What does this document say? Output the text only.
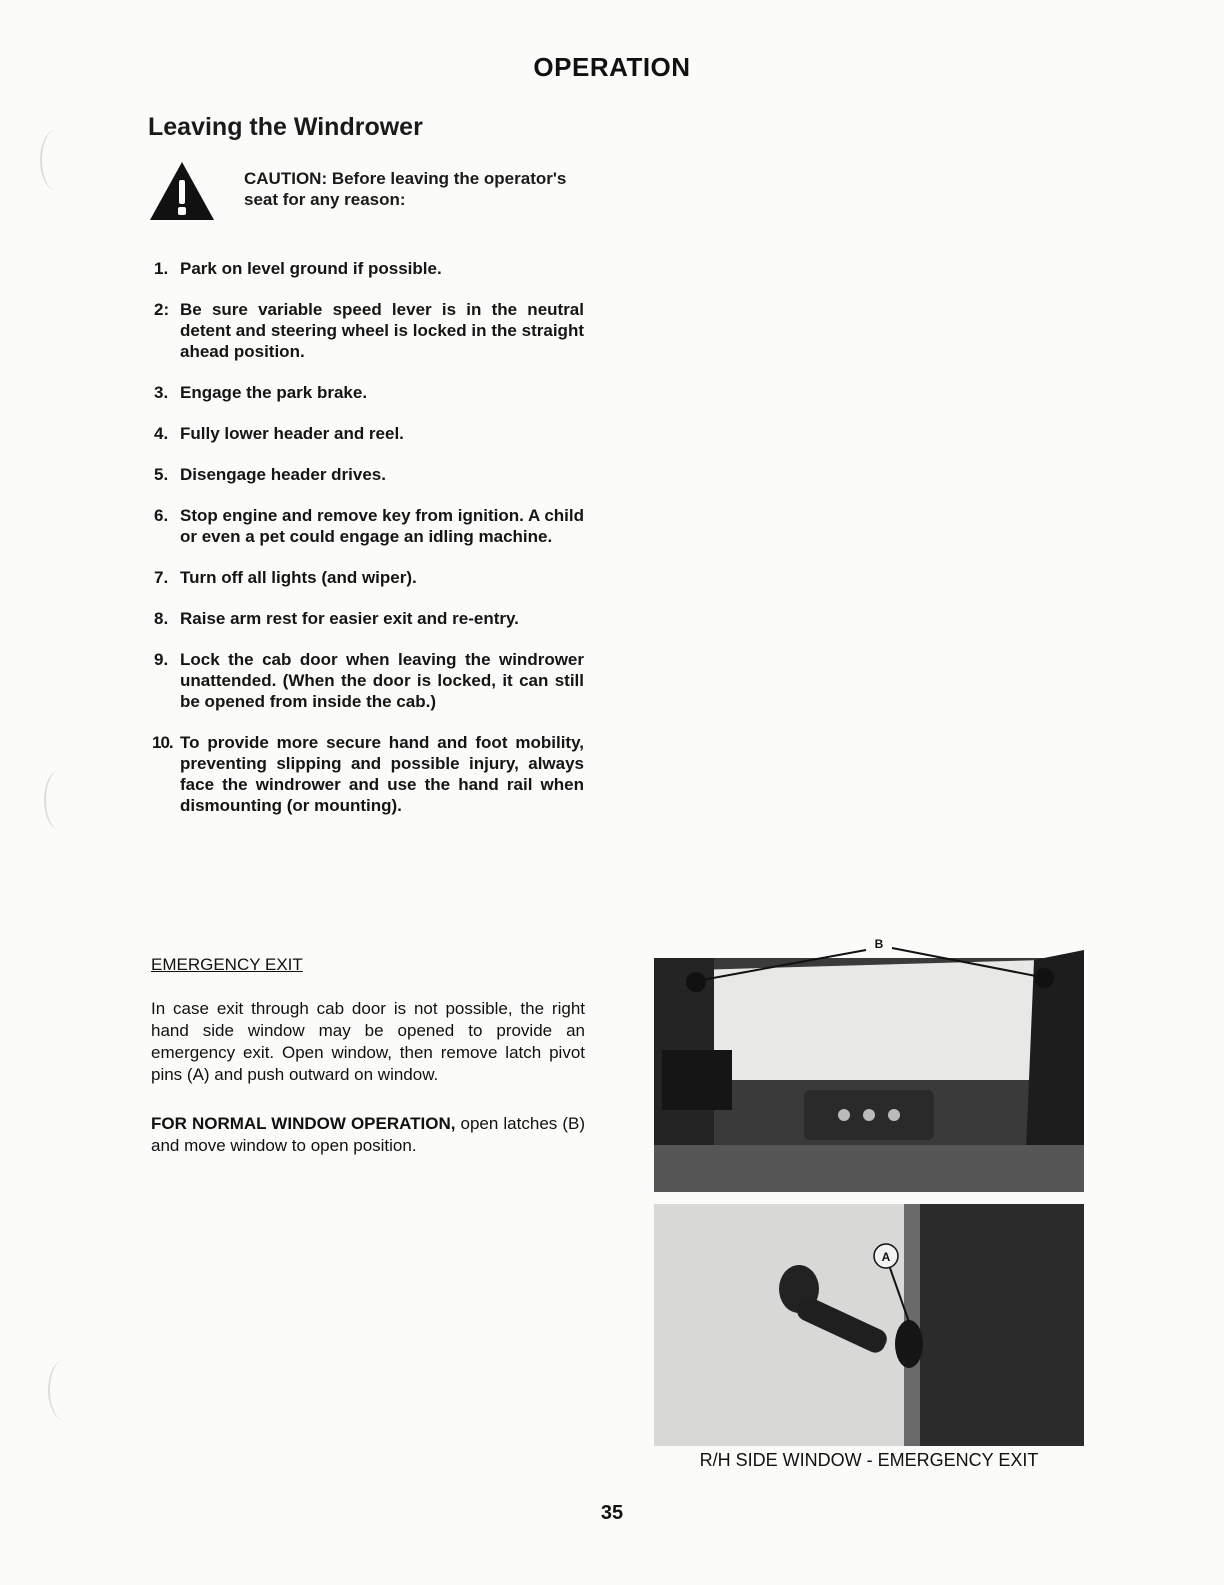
OPERATION
Leaving the Windrower
CAUTION: Before leaving the operator's seat for any reason:
1. Park on level ground if possible.
2: Be sure variable speed lever is in the neutral detent and steering wheel is locked in the straight ahead position.
3. Engage the park brake.
4. Fully lower header and reel.
5. Disengage header drives.
6. Stop engine and remove key from ignition. A child or even a pet could engage an idling machine.
7. Turn off all lights (and wiper).
8. Raise arm rest for easier exit and re-entry.
9. Lock the cab door when leaving the windrower unattended. (When the door is locked, it can still be opened from inside the cab.)
10. To provide more secure hand and foot mobility, preventing slipping and possible injury, always face the windrower and use the hand rail when dismounting (or mounting).
EMERGENCY EXIT
In case exit through cab door is not possible, the right hand side window may be opened to provide an emergency exit. Open window, then remove latch pivot pins (A) and push outward on window.
FOR NORMAL WINDOW OPERATION, open latches (B) and move window to open position.
B
A
R/H SIDE WINDOW - EMERGENCY EXIT
35
